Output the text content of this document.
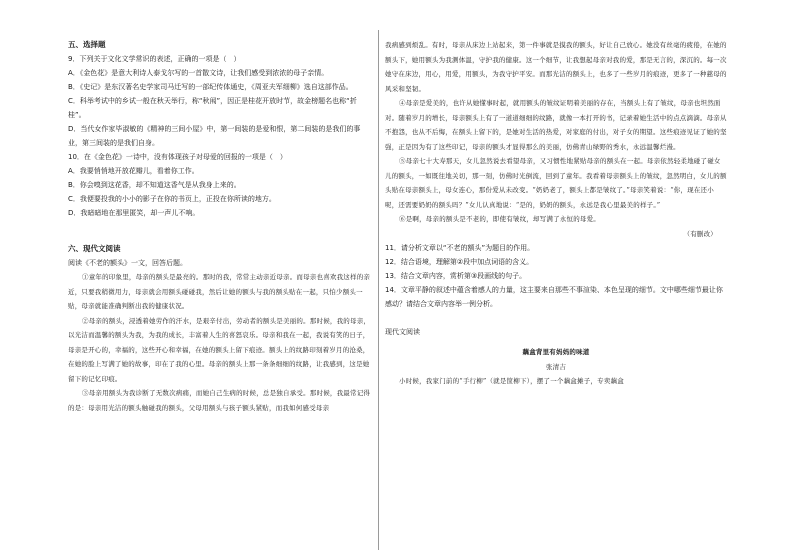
五、选择题

9．下列关于文化文学常识的表述，正确的一项是（　）

A．《金色花》是意大利诗人泰戈尔写的一首散文诗，让我们感受到浓浓的母子亲情。

B．《史记》是东汉著名史学家司马迁写的一部纪传体通史，《周亚夫军细柳》选自这部作品。

C．科举考试中的乡试一般在秋天举行，称“秋闱”，因正是桂花开放时节，故金榜题名也称“折桂”。

D．当代女作家毕淑敏的《精神的三间小屋》中，第一间装的是爱和恨，第二间装的是我们的事业，第三间装的是我们自身。

10．在《金色花》一诗中，没有体现孩子对母爱的回报的一项是（　）

A．我要悄悄地开放花瓣儿，看着你工作。

B．你会嗅到这花香，却不知道这香气是从我身上来的。

C．我便要投我的小小的影子在你的书页上，正投在你所读的地方。

D．我暗暗地在那里匿笑，却一声儿不响。

六、现代文阅读

阅读《不老的额头》一文，回答后题。

①童年的印象里，母亲的额头是最亮的。那时的我，常常主动亲近母亲。而母亲也喜欢我这样的亲近，只要我稍微用力，母亲就会用额头碰碰我，然后让她的额头与我的额头贴在一起，只怕少额头一贴，母亲就能准确判断出我的健康状况。

②母亲的额头，浸透着她劳作的汗水，是艰辛付出，劳动者的额头是美丽的。那时候，我的母亲，以光洁而温馨的额头为我，为我的成长，丰富着人生的喜怒哀乐。母亲和我在一起，我说有笑的日子，母亲是开心的，幸福的，这些开心和幸福，在她的额头上留下痕迹。额头上的纹路印刻着岁月的沧桑，在她的脸上写满了她的故事，印在了我的心里。母亲的额头上那一条条细细的纹路，让我感到，这是她留下的记忆印痕。

③母亲用额头为我诊断了无数次病痛，而她自己生病的时候，总是独自承受。那时候，我最常记得的是：母亲用光洁的额头触碰我的额头，父母用额头与孩子额头紧贴，而我如何感受母亲

我病感到烦乱。有时，母亲从床边上站起来，第一件事就是摸我的额头，好让自己放心。她没有丝毫的疲倦，在她的额头下，她用额头为我测体温，守护我的健康。这一个细节，让我想起母亲对我的爱，那是无言的，深沉的。每一次她守在床边，用心，用爱，用额头，为我守护平安。而那光洁的额头上，也多了一些岁月的痕迹，更多了一种慈母的风采和坚韧。

④母亲是爱美的，也许从她懂事时起，就用额头的皱纹证明着美丽的存在，当额头上有了皱纹，母亲也坦然面对。随着岁月的增长，母亲额头上有了一道道细细的纹路，就像一本打开的书，记录着她生活中的点点滴滴。母亲从不抱怨，也从不后悔，在额头上留下的，是她对生活的热爱，对家庭的付出，对子女的期望。这些痕迹见证了她的坚强，正是因为有了这些印记，母亲的额头才显得那么的美丽，仿佛青山绿野的秀水，永远温馨烂漫。

⑤母亲七十大寿那天，女儿忽然说去看望母亲，又习惯性地紧贴母亲的额头在一起。母亲依然轻柔地碰了碰女儿的额头，一如既往地关切，那一刻，仿佛时光倒流，回到了童年。我看着母亲额头上的皱纹，忽然明白，女儿的额头贴在母亲额头上，母女连心，那份爱从未改变。“奶奶老了，额头上都是皱纹了。”母亲笑着说：“你，现在还小呢，还需要奶奶的额头吗？”女儿认真地说：“是的，奶奶的额头，永远是我心里最美的样子。”

⑥是啊，母亲的额头是不老的，即使有皱纹，却写满了永恒的母爱。

（有删改）

11．请分析文章以“不老的额头”为题目的作用。

12．结合语境，理解第②段中加点词语的含义。

13．结合文章内容，赏析第③段画线的句子。

14．文章平静的叙述中蕴含着感人的力量，这主要来自那些不事渲染、本色呈现的细节。文中哪些细节最让你感动？请结合文章内容举一例分析。

现代文阅读

藕盒背里有妈妈的味道

张清吉

小时候，我家门前的“手行柳”（就是筐柳下），摆了一个藕盒摊子，专卖藕盒
